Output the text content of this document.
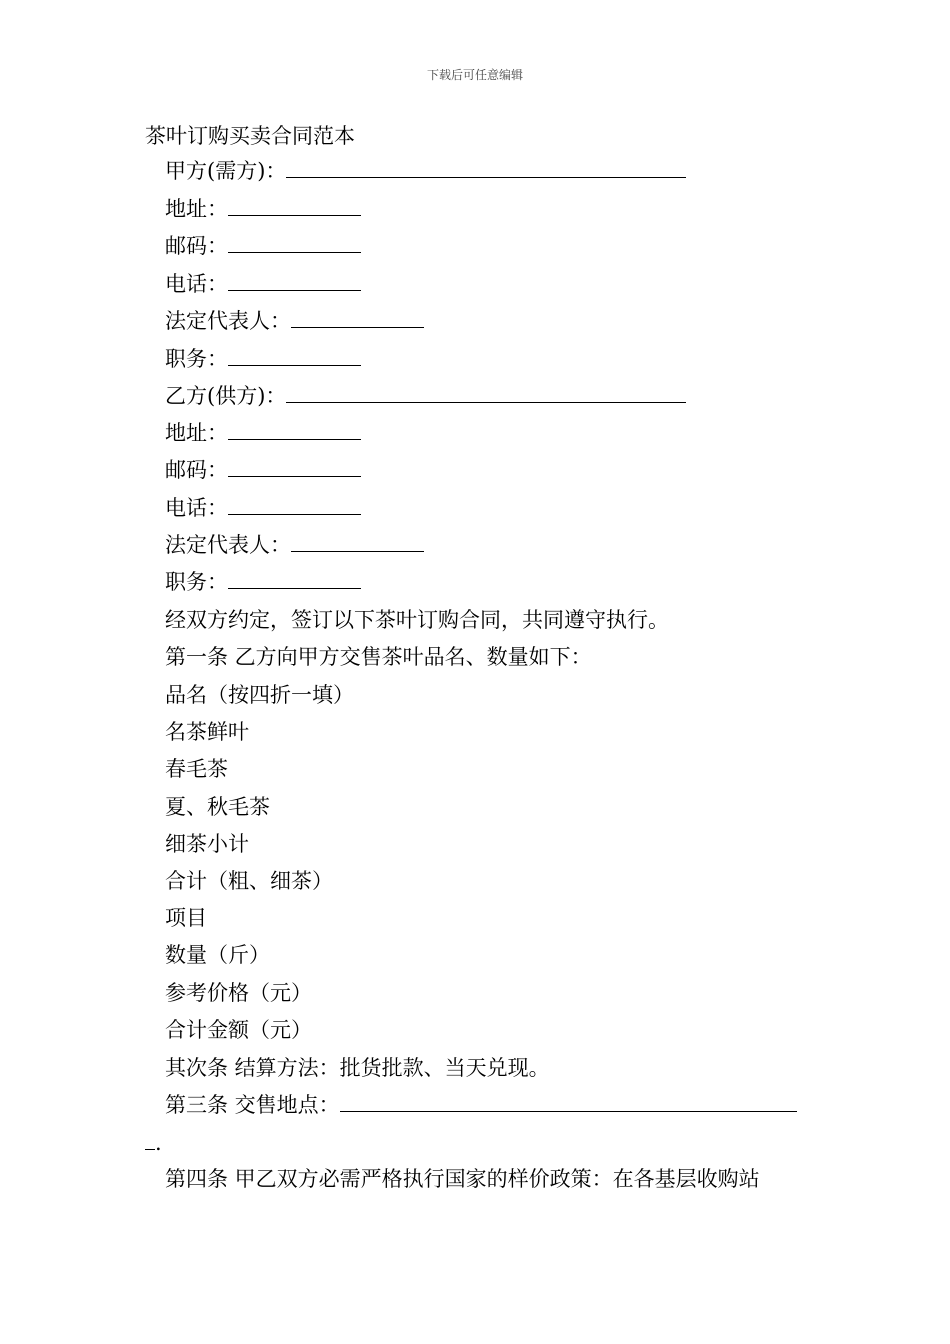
下载后可任意编辑
茶叶订购买卖合同范本
甲方(需方)：
地址：
邮码：
电话：
法定代表人：
职务：
乙方(供方)：
地址：
邮码：
电话：
法定代表人：
职务：
经双方约定，签订以下茶叶订购合同，共同遵守执行。
第一条 乙方向甲方交售茶叶品名、数量如下：
品名（按四折一填）
名茶鲜叶
春毛茶
夏、秋毛茶
细茶小计
合计（粗、细茶）
项目
数量（斤）
参考价格（元）
合计金额（元）
其次条 结算方法：批货批款、当天兑现。
第三条 交售地点：
.
第四条 甲乙双方必需严格执行国家的样价政策：在各基层收购站
